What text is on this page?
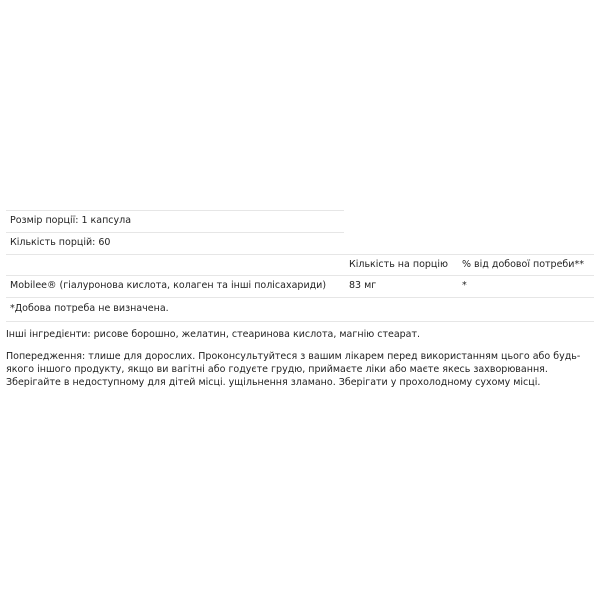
Розмір порції: 1 капсула
Кількість порцій: 60
Кількість на порцію % від добової потреби**
Mobilee® (гіалуронова кислота, колаген та інші полісахариди) 83 мг	*
*Добова потреба не визначена.
Інші інгредієнти: рисове борошно, желатин, стеаринова кислота, магнію стеарат.
Попередження: тлише для дорослих. Проконсультуйтеся з вашим лікарем перед використанням цього або будь-якого іншого продукту, якщо ви вагітні або годуєте грудю, приймаєте ліки або маєте якесь захворювання. Зберігайте в недоступному для дітей місці. ущільнення зламано. Зберігати у прохолодному сухому місці.
